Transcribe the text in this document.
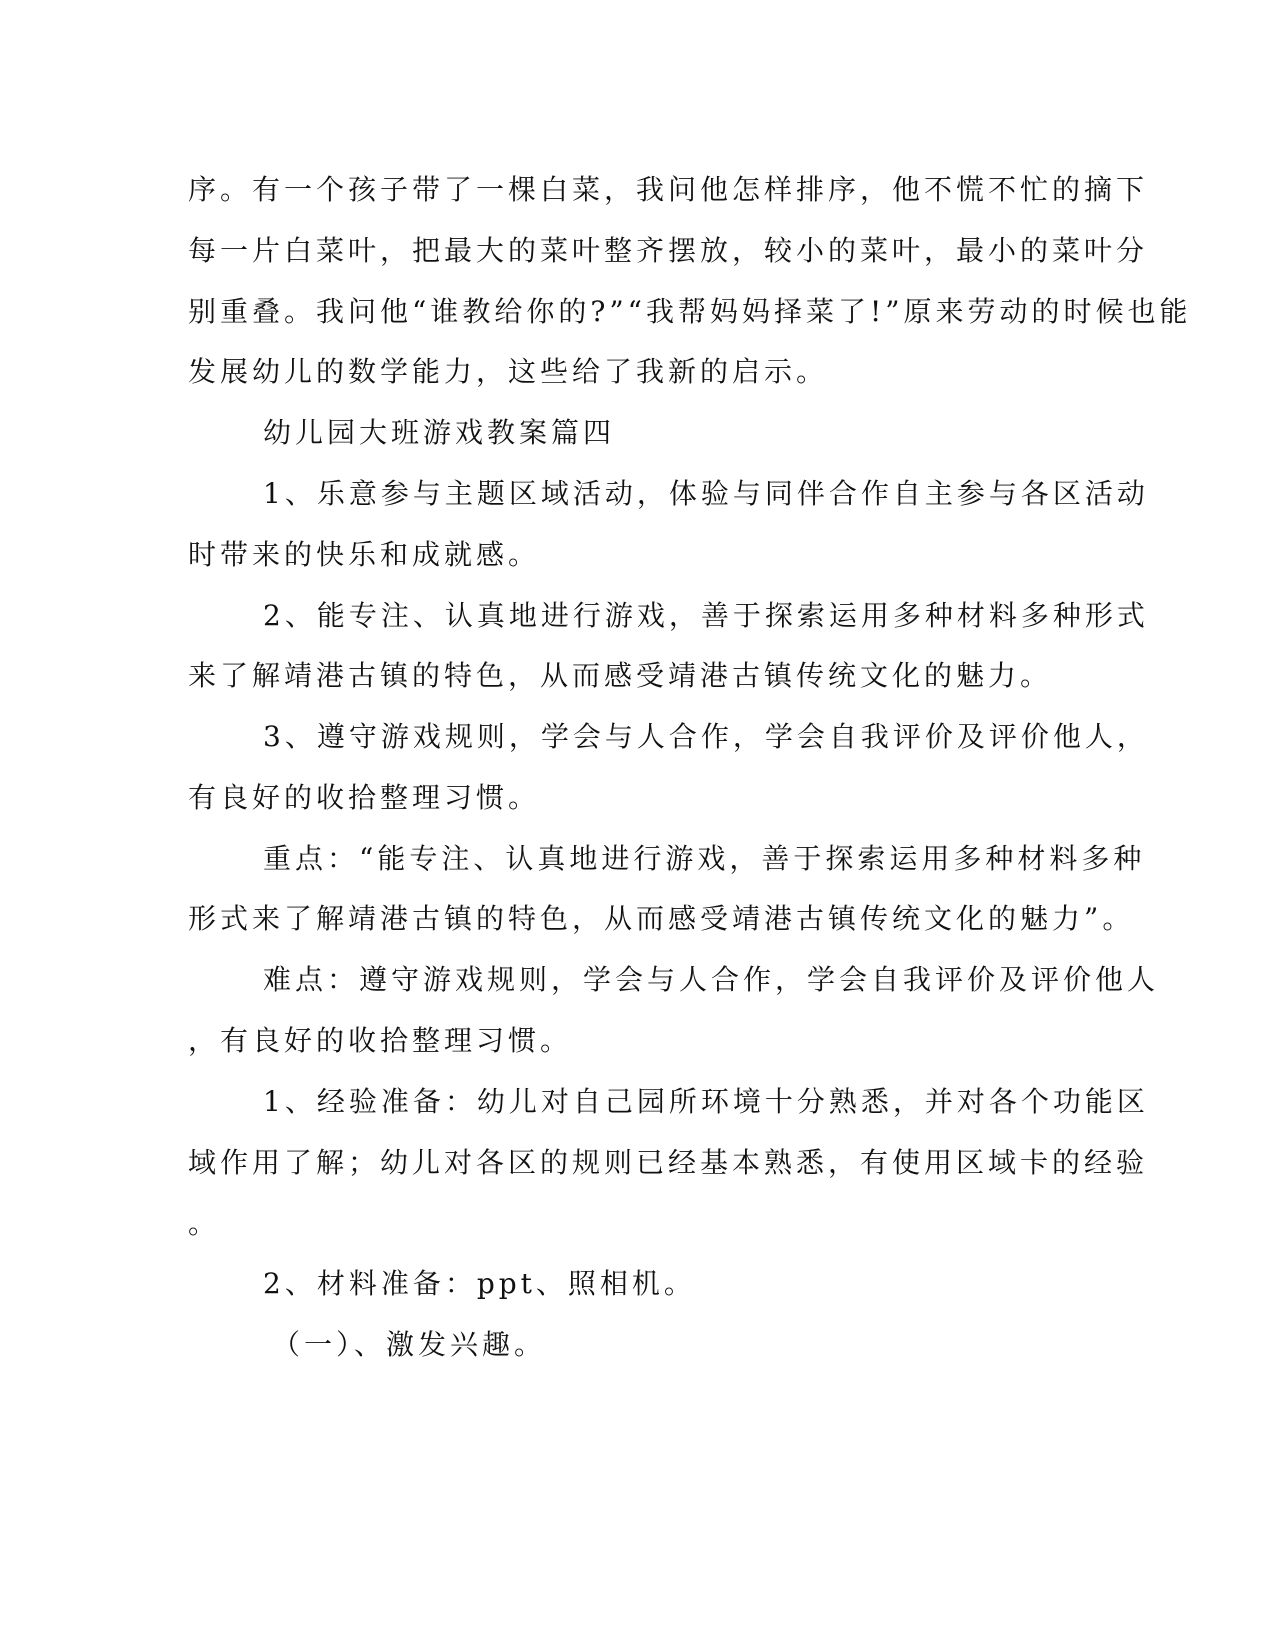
序。有一个孩子带了一棵白菜，我问他怎样排序，他不慌不忙的摘下
每一片白菜叶，把最大的菜叶整齐摆放，较小的菜叶，最小的菜叶分
别重叠。我问他“谁教给你的?”“我帮妈妈择菜了!”原来劳动的时候也能
发展幼儿的数学能力，这些给了我新的启示。
幼儿园大班游戏教案篇四
1、乐意参与主题区域活动，体验与同伴合作自主参与各区活动
时带来的快乐和成就感。
2、能专注、认真地进行游戏，善于探索运用多种材料多种形式
来了解靖港古镇的特色，从而感受靖港古镇传统文化的魅力。
3、遵守游戏规则，学会与人合作，学会自我评价及评价他人，
有良好的收拾整理习惯。
重点：“能专注、认真地进行游戏，善于探索运用多种材料多种
形式来了解靖港古镇的特色，从而感受靖港古镇传统文化的魅力”。
难点：遵守游戏规则，学会与人合作，学会自我评价及评价他人
，有良好的收拾整理习惯。
1、经验准备：幼儿对自己园所环境十分熟悉，并对各个功能区
域作用了解；幼儿对各区的规则已经基本熟悉，有使用区域卡的经验
。
2、材料准备：ppt、照相机。
（一）、激发兴趣。
